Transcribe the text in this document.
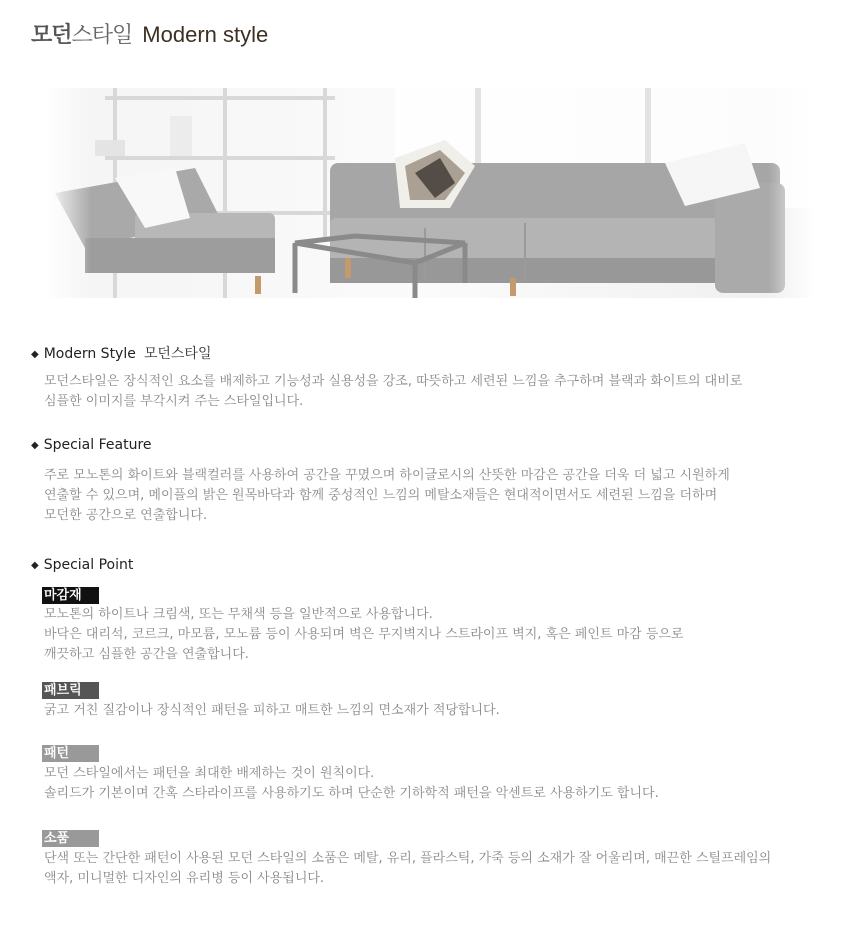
모던스타일 Modern style
◆ Modern Style 모던스타일
모던스타일은 장식적인 요소를 배제하고 기능성과 실용성을 강조, 따뜻하고 세련된 느낌을 추구하며 블랙과 화이트의 대비로
심플한 이미지를 부각시켜 주는 스타일입니다.
◆ Special Feature
주로 모노톤의 화이트와 블랙컬러를 사용하여 공간을 꾸몄으며 하이글로시의 산뜻한 마감은 공간을 더욱 더 넓고 시원하게
연출할 수 있으며, 메이플의 밝은 원목바닥과 함께 중성적인 느낌의 메탈소재들은 현대적이면서도 세련된 느낌을 더하며
모던한 공간으로 연출합니다.
◆ Special Point
마감재
모노톤의 하이트나 크림색, 또는 무채색 등을 일반적으로 사용합니다.
바닥은 대리석, 코르크, 마모륨, 모노륨 등이 사용되며 벽은 무지벽지나 스트라이프 벽지, 혹은 페인트 마감 등으로
깨끗하고 심플한 공간을 연출합니다.
패브릭
굵고 거친 질감이나 장식적인 패턴을 피하고 매트한 느낌의 면소재가 적당합니다.
패턴
모던 스타일에서는 패턴을 최대한 배제하는 것이 원칙이다.
솔리드가 기본이며 간혹 스타라이프를 사용하기도 하며 단순한 기하학적 패턴을 악센트로 사용하기도 합니다.
소품
단색 또는 간단한 패턴이 사용된 모던 스타일의 소품은 메탈, 유리, 플라스틱, 가죽 등의 소재가 잘 어울리며, 매끈한 스틸프레임의
액자, 미니멀한 디자인의 유리병 등이 사용됩니다.
